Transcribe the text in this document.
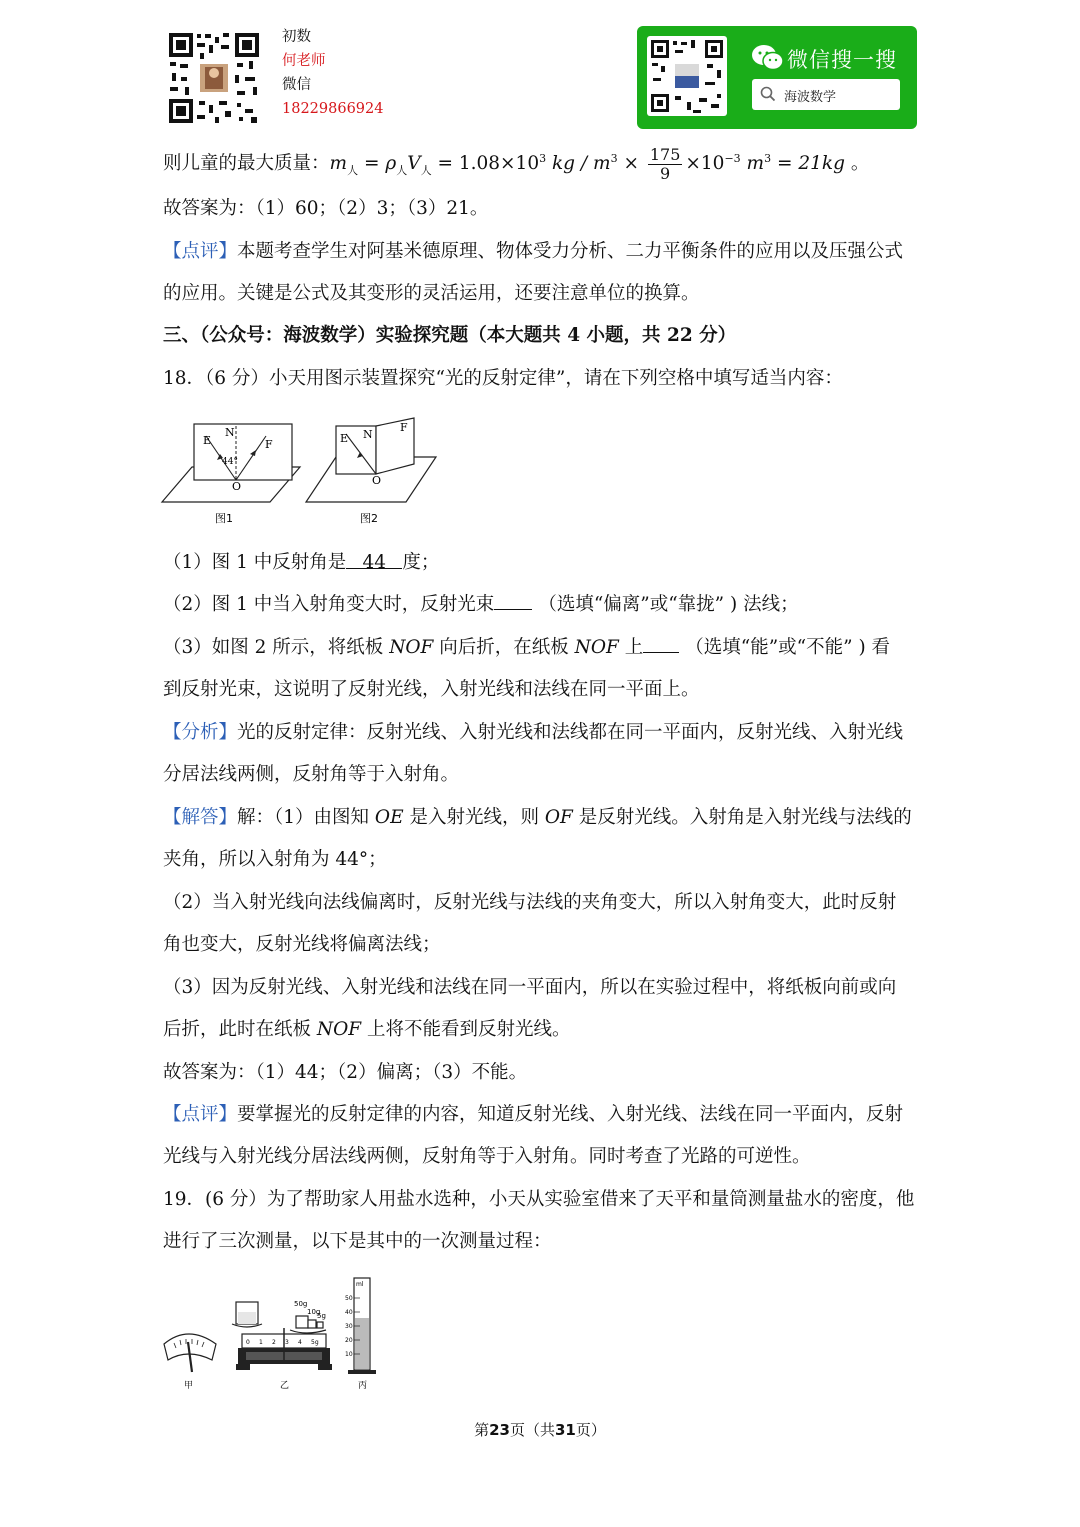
初数
何老师
微信
18229866924
微信搜一搜
海波数学
则儿童的最大质量：$m_人 = \rho_人V_人 = 1.08\times 10^3$ kg / $m^3 \times \frac{175}{9} \times 10^{-3}$ $m^3 = 21kg$ 。
故答案为：（1）60；（2）3；（3）21。
【点评】本题考查学生对阿基米德原理、物体受力分析、二力平衡条件的应用以及压强公式
的应用。关键是公式及其变形的灵活运用，还要注意单位的换算。
三、（公众号：海波数学）实验探究题（本大题共 4 小题，共 22 分）
18．（6 分）小天用图示装置探究“光的反射定律”，请在下列空格中填写适当内容：
E
N
F
O
44°
图1
E N
F
O
图2
（1）图 1 中反射角是 44 度；
（2）图 1 中当入射角变大时，反射光束 （选填“偏离”或“靠拢” ) 法线；
（3）如图 2 所示，将纸板 NOF 向后折，在纸板 NOF 上 （选填“能”或“不能” ) 看
到反射光束，这说明了反射光线，入射光线和法线在同一平面上。
【分析】光的反射定律：反射光线、入射光线和法线都在同一平面内，反射光线、入射光线
分居法线两侧，反射角等于入射角。
【解答】解：（1）由图知 OE 是入射光线，则 OF 是反射光线。入射角是入射光线与法线的
夹角，所以入射角为 44°；
（2）当入射光线向法线偏离时，反射光线与法线的夹角变大，所以入射角变大，此时反射
角也变大，反射光线将偏离法线；
（3）因为反射光线、入射光线和法线在同一平面内，所以在实验过程中，将纸板向前或向
后折，此时在纸板 NOF 上将不能看到反射光线。
故答案为：（1）44；（2）偏离；（3）不能。
【点评】要掌握光的反射定律的内容，知道反射光线、入射光线、法线在同一平面内，反射
光线与入射光线分居法线两侧，反射角等于入射角。同时考查了光路的可逆性。
19．(6 分）为了帮助家人用盐水选种，小天从实验室借来了天平和量筒测量盐水的密度，他
进行了三次测量，以下是其中的一次测量过程：
甲
50g
10g
5g
0 1 2 3 4 5g
乙
ml
50
40
30
20
10
丙
第23页（共31页）
